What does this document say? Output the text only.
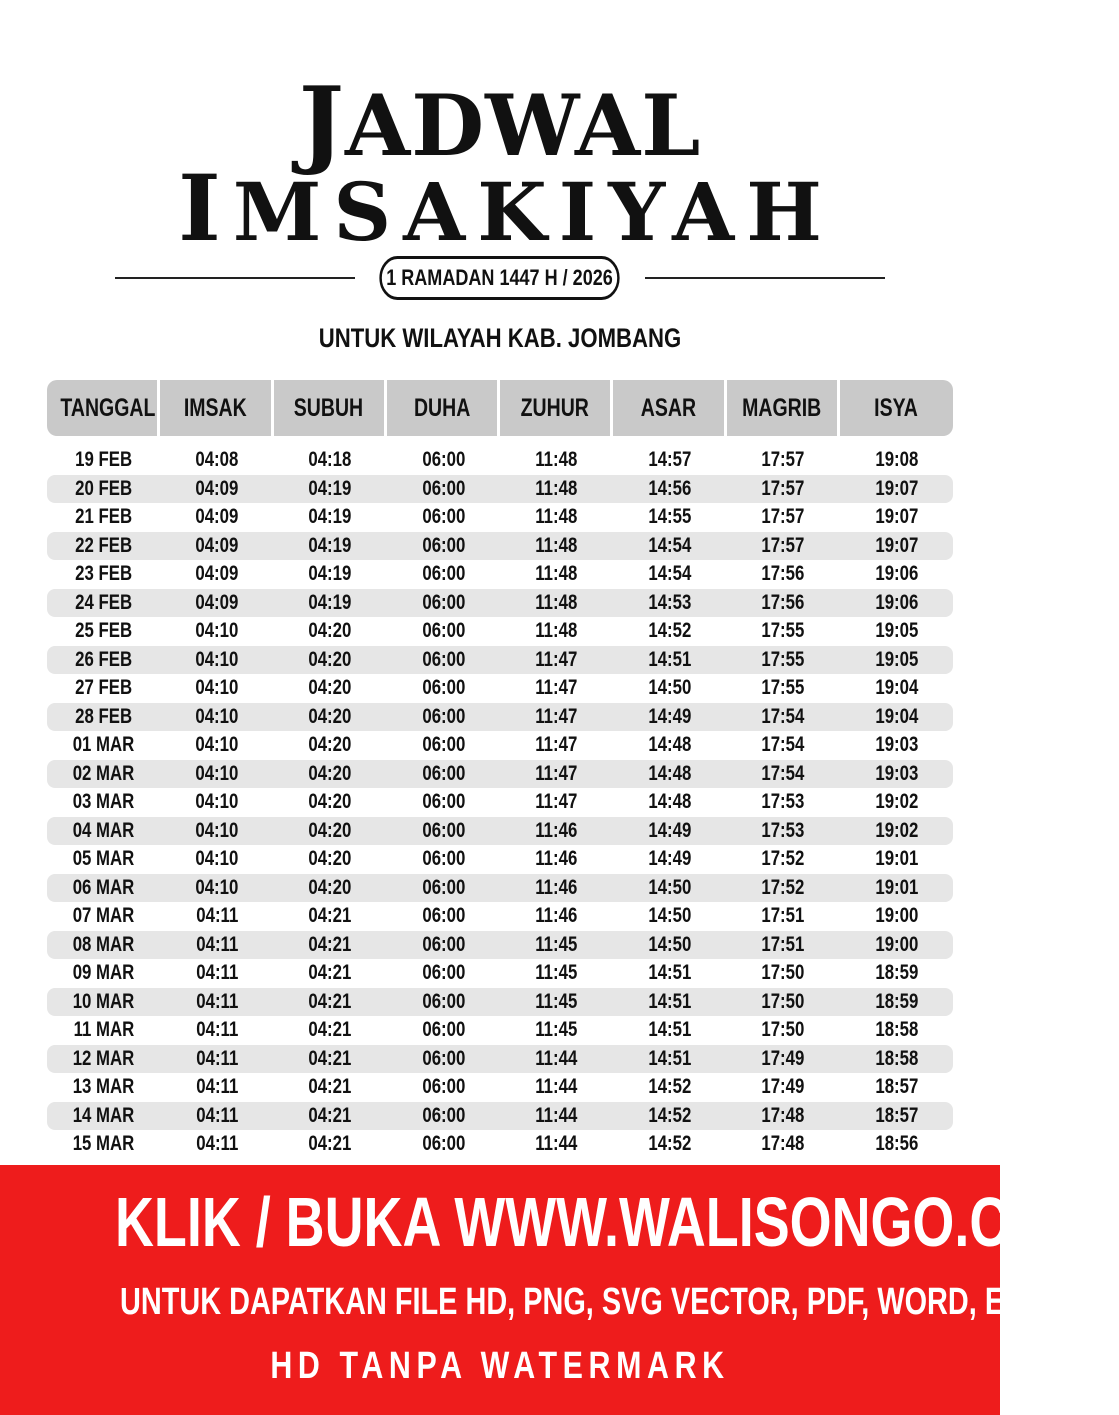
JADWAL
IMSAKIYAH
1 RAMADAN 1447 H / 2026

UNTUK WILAYAH KAB. JOMBANG

TANGGAL	IMSAK	SUBUH	DUHA	ZUHUR	ASAR	MAGRIB	ISYA
19 FEB	04:08	04:18	06:00	11:48	14:57	17:57	19:08
20 FEB	04:09	04:19	06:00	11:48	14:56	17:57	19:07
21 FEB	04:09	04:19	06:00	11:48	14:55	17:57	19:07
22 FEB	04:09	04:19	06:00	11:48	14:54	17:57	19:07
23 FEB	04:09	04:19	06:00	11:48	14:54	17:56	19:06
24 FEB	04:09	04:19	06:00	11:48	14:53	17:56	19:06
25 FEB	04:10	04:20	06:00	11:48	14:52	17:55	19:05
26 FEB	04:10	04:20	06:00	11:47	14:51	17:55	19:05
27 FEB	04:10	04:20	06:00	11:47	14:50	17:55	19:04
28 FEB	04:10	04:20	06:00	11:47	14:49	17:54	19:04
01 MAR	04:10	04:20	06:00	11:47	14:48	17:54	19:03
02 MAR	04:10	04:20	06:00	11:47	14:48	17:54	19:03
03 MAR	04:10	04:20	06:00	11:47	14:48	17:53	19:02
04 MAR	04:10	04:20	06:00	11:46	14:49	17:53	19:02
05 MAR	04:10	04:20	06:00	11:46	14:49	17:52	19:01
06 MAR	04:10	04:20	06:00	11:46	14:50	17:52	19:01
07 MAR	04:11	04:21	06:00	11:46	14:50	17:51	19:00
08 MAR	04:11	04:21	06:00	11:45	14:50	17:51	19:00
09 MAR	04:11	04:21	06:00	11:45	14:51	17:50	18:59
10 MAR	04:11	04:21	06:00	11:45	14:51	17:50	18:59
11 MAR	04:11	04:21	06:00	11:45	14:51	17:50	18:58
12 MAR	04:11	04:21	06:00	11:44	14:51	17:49	18:58
13 MAR	04:11	04:21	06:00	11:44	14:52	17:49	18:57
14 MAR	04:11	04:21	06:00	11:44	14:52	17:48	18:57
15 MAR	04:11	04:21	06:00	11:44	14:52	17:48	18:56

KLIK / BUKA WWW.WALISONGO.CO.ID

UNTUK DAPATKAN FILE HD, PNG, SVG VECTOR, PDF, WORD, EXCEL

HD TANPA WATERMARK
